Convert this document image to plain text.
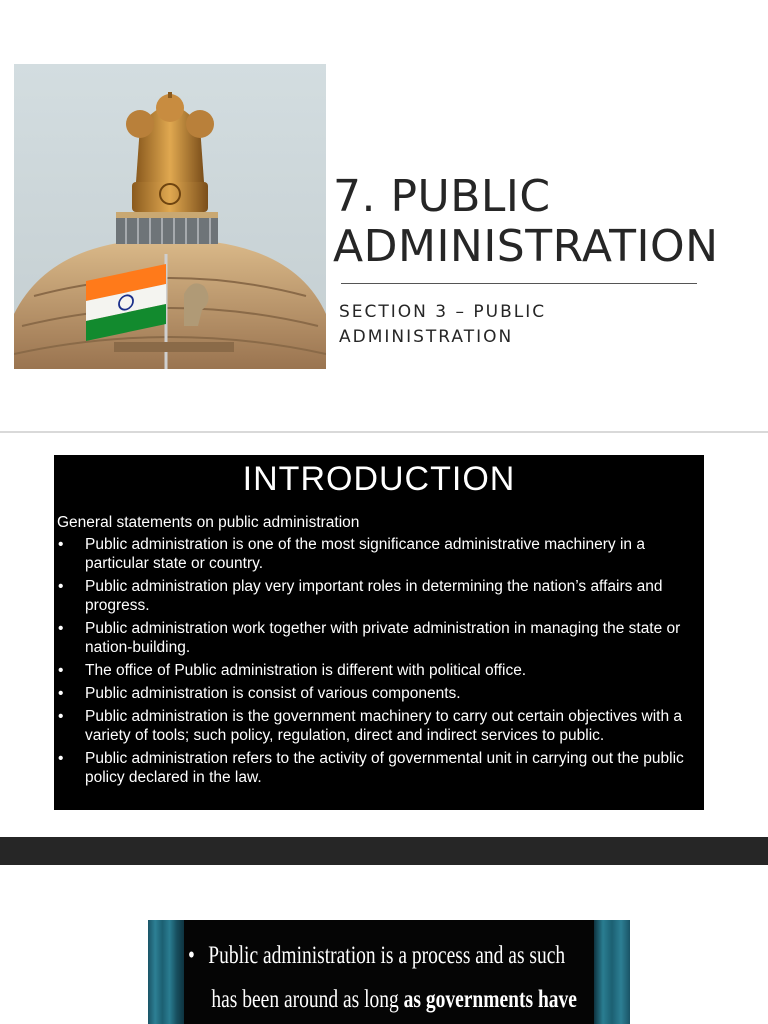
7. PUBLIC ADMINISTRATION
SECTION 3 – PUBLIC ADMINISTRATION
INTRODUCTION
General statements on public administration
• Public administration is one of the most significance administrative machinery in a particular state or country.
• Public administration play very important roles in determining the nation’s affairs and progress.
• Public administration work together with private administration in managing the state or nation-building.
• The office of Public administration is different with political office.
• Public administration is consist of various components.
• Public administration is the government machinery to carry out certain objectives with a variety of tools; such policy, regulation, direct and indirect services to public.
• Public administration refers to the activity of governmental unit in carrying out the public policy declared in the law.
• Public administration is a process and as such
has been around as long as governments have
